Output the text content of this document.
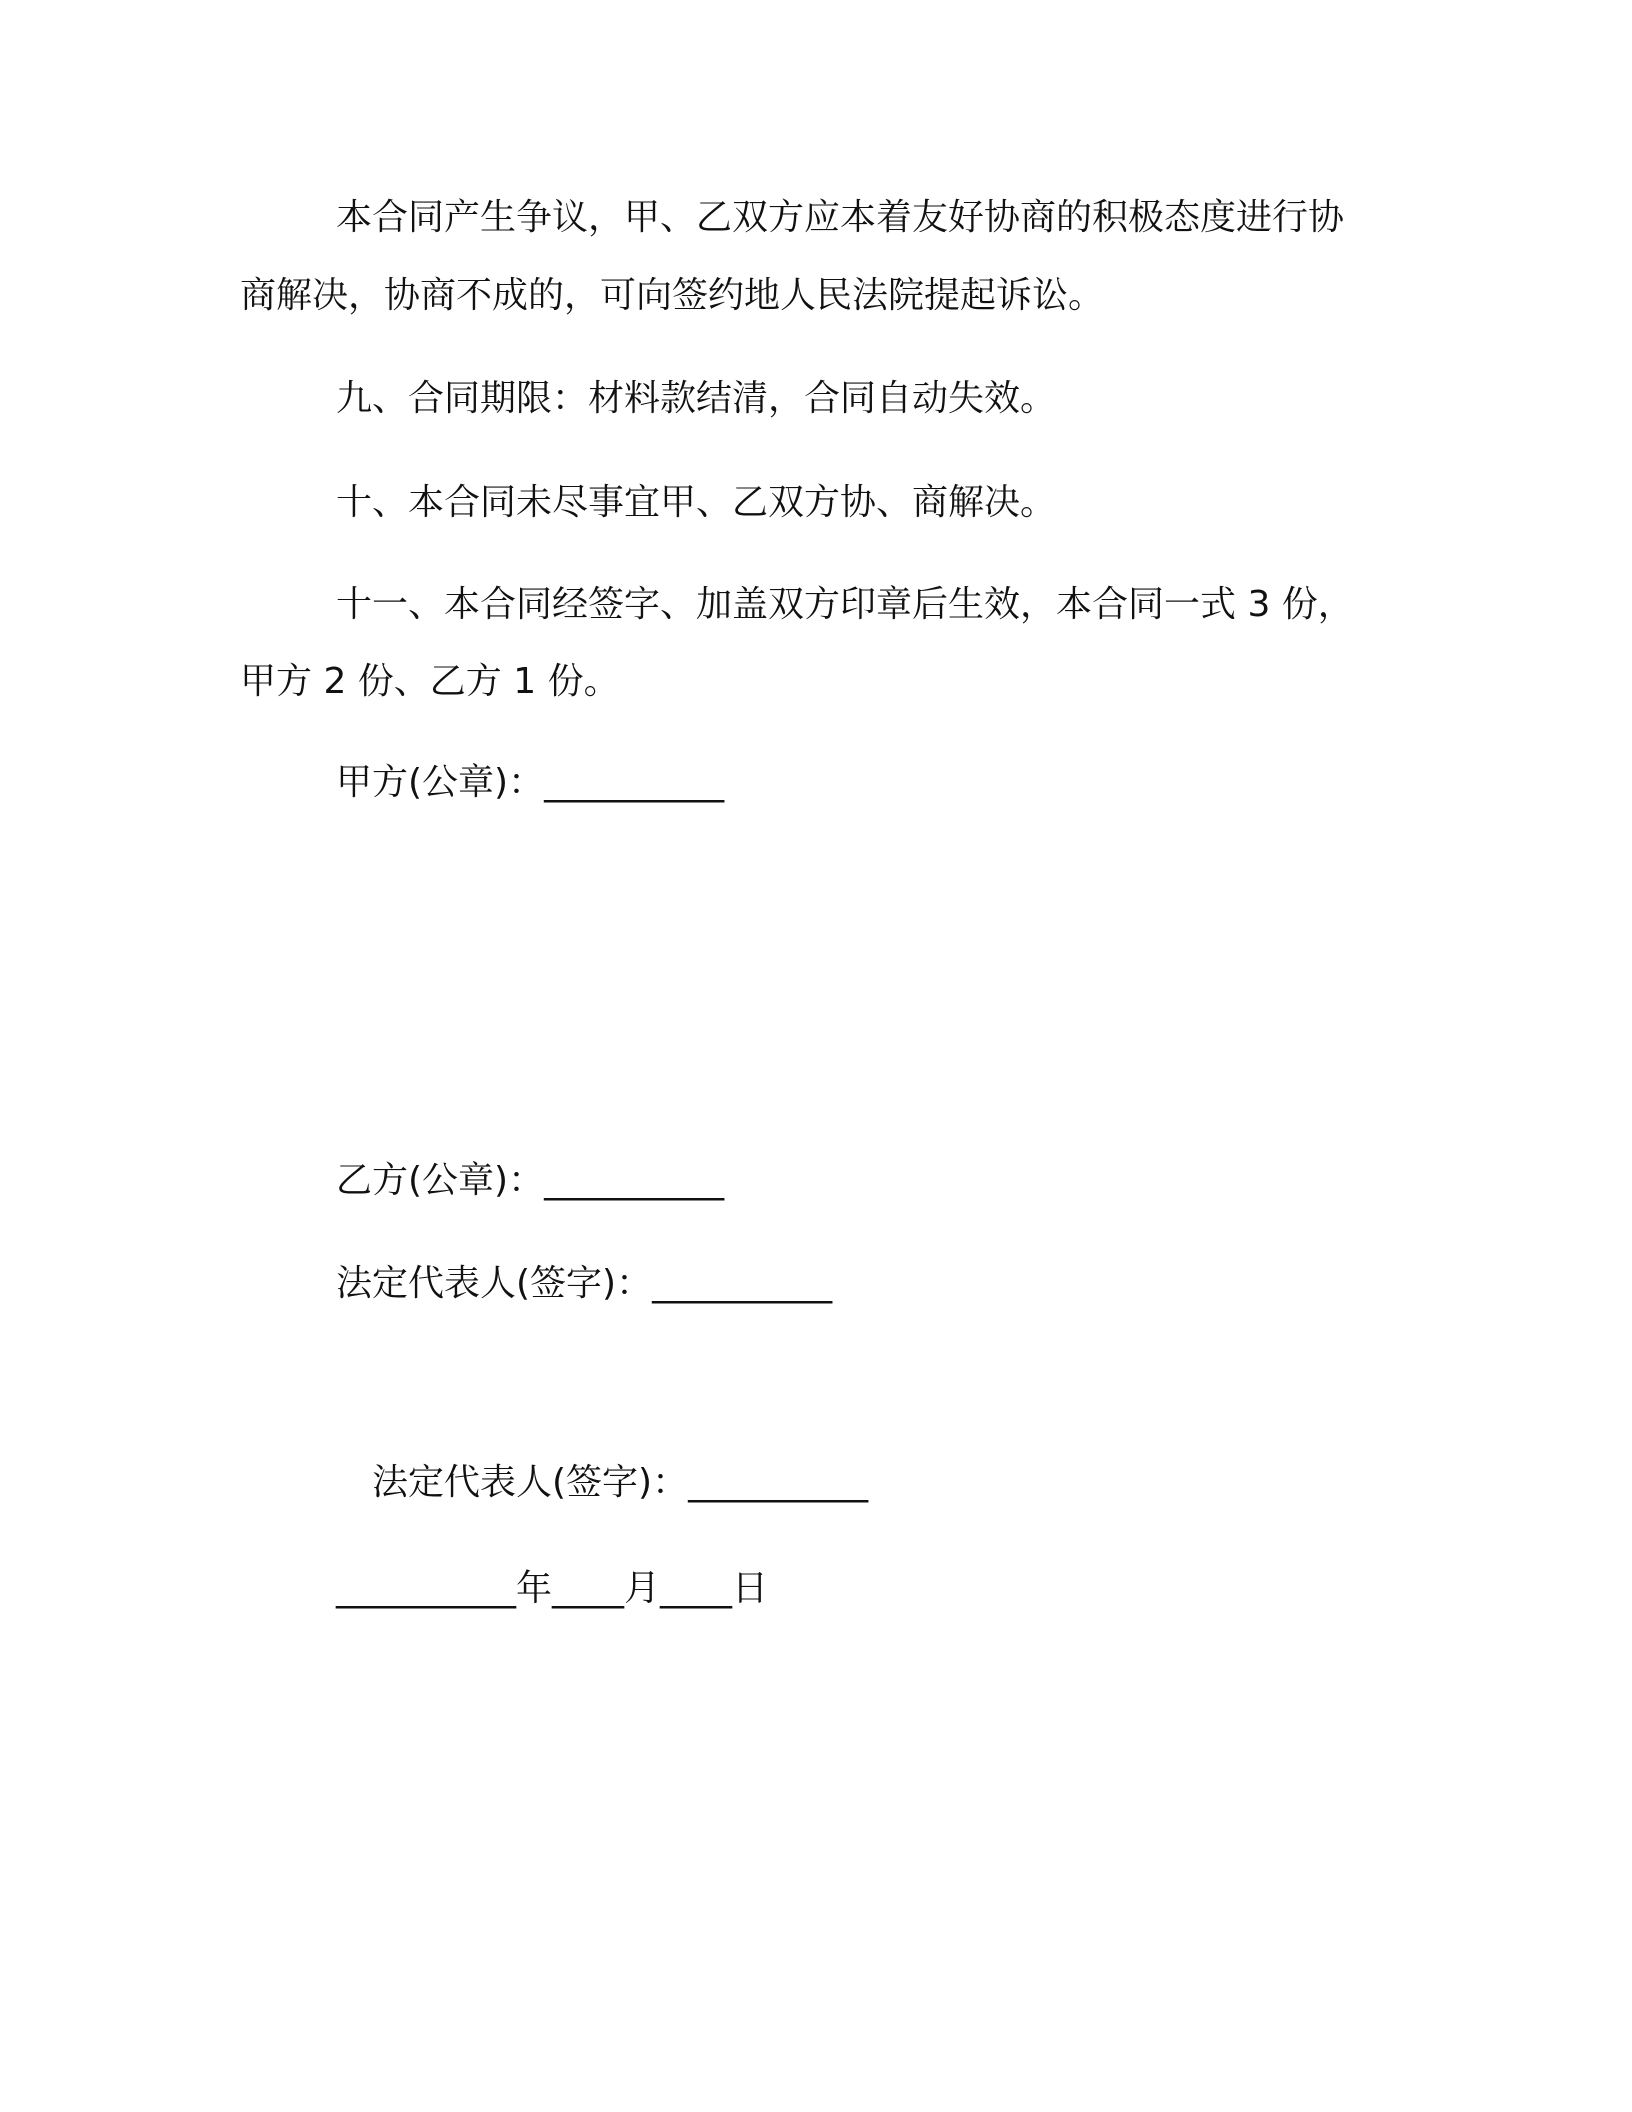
本合同产生争议，甲、乙双方应本着友好协商的积极态度进行协

商解决，协商不成的，可向签约地人民法院提起诉讼。

九、合同期限：材料款结清，合同自动失效。

十、本合同未尽事宜甲、乙双方协、商解决。

十一、本合同经签字、加盖双方印章后生效，本合同一式 3 份，

甲方 2 份、乙方 1 份。

甲方(公章)：__________

乙方(公章)：__________

法定代表人(签字)：__________

法定代表人(签字)：__________

__________年____月____日
